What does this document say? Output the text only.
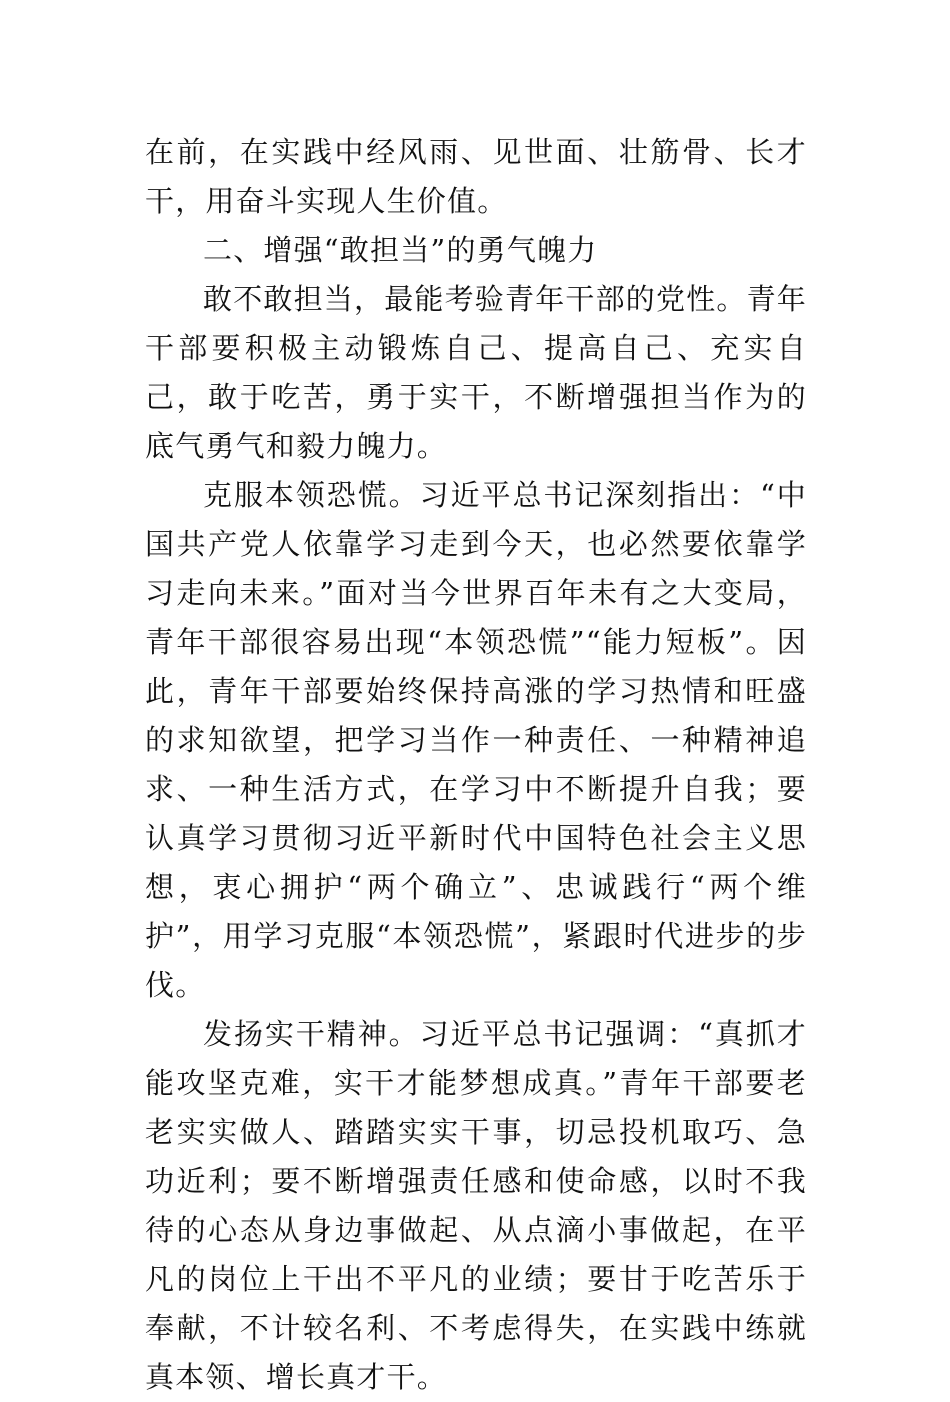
在前，在实践中经风雨、见世面、壮筋骨、长才干，用奋斗实现人生价值。

二、增强“敢担当”的勇气魄力

敢不敢担当，最能考验青年干部的党性。青年干部要积极主动锻炼自己、提高自己、充实自己，敢于吃苦，勇于实干，不断增强担当作为的底气勇气和毅力魄力。

克服本领恐慌。习近平总书记深刻指出：“中国共产党人依靠学习走到今天，也必然要依靠学习走向未来。”面对当今世界百年未有之大变局，青年干部很容易出现“本领恐慌”“能力短板”。因此，青年干部要始终保持高涨的学习热情和旺盛的求知欲望，把学习当作一种责任、一种精神追求、一种生活方式，在学习中不断提升自我；要认真学习贯彻习近平新时代中国特色社会主义思想，衷心拥护“两个确立”、忠诚践行“两个维护”，用学习克服“本领恐慌”，紧跟时代进步的步伐。

发扬实干精神。习近平总书记强调：“真抓才能攻坚克难，实干才能梦想成真。”青年干部要老老实实做人、踏踏实实干事，切忌投机取巧、急功近利；要不断增强责任感和使命感，以时不我待的心态从身边事做起、从点滴小事做起，在平凡的岗位上干出不平凡的业绩；要甘于吃苦乐于奉献，不计较名利、不考虑得失，在实践中练就真本领、增长真才干。
